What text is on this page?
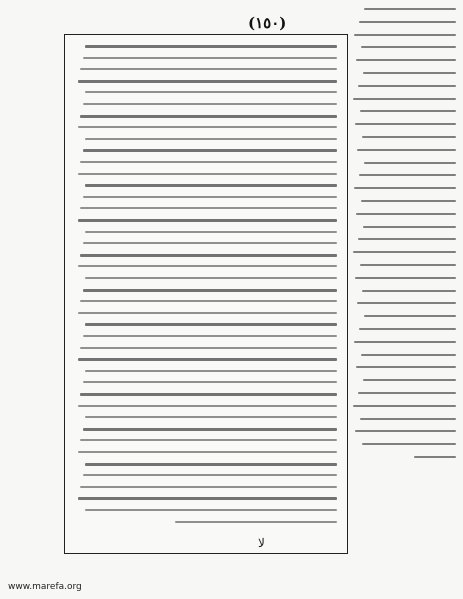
(١٥٠)
ﻻ
www.marefa.org
